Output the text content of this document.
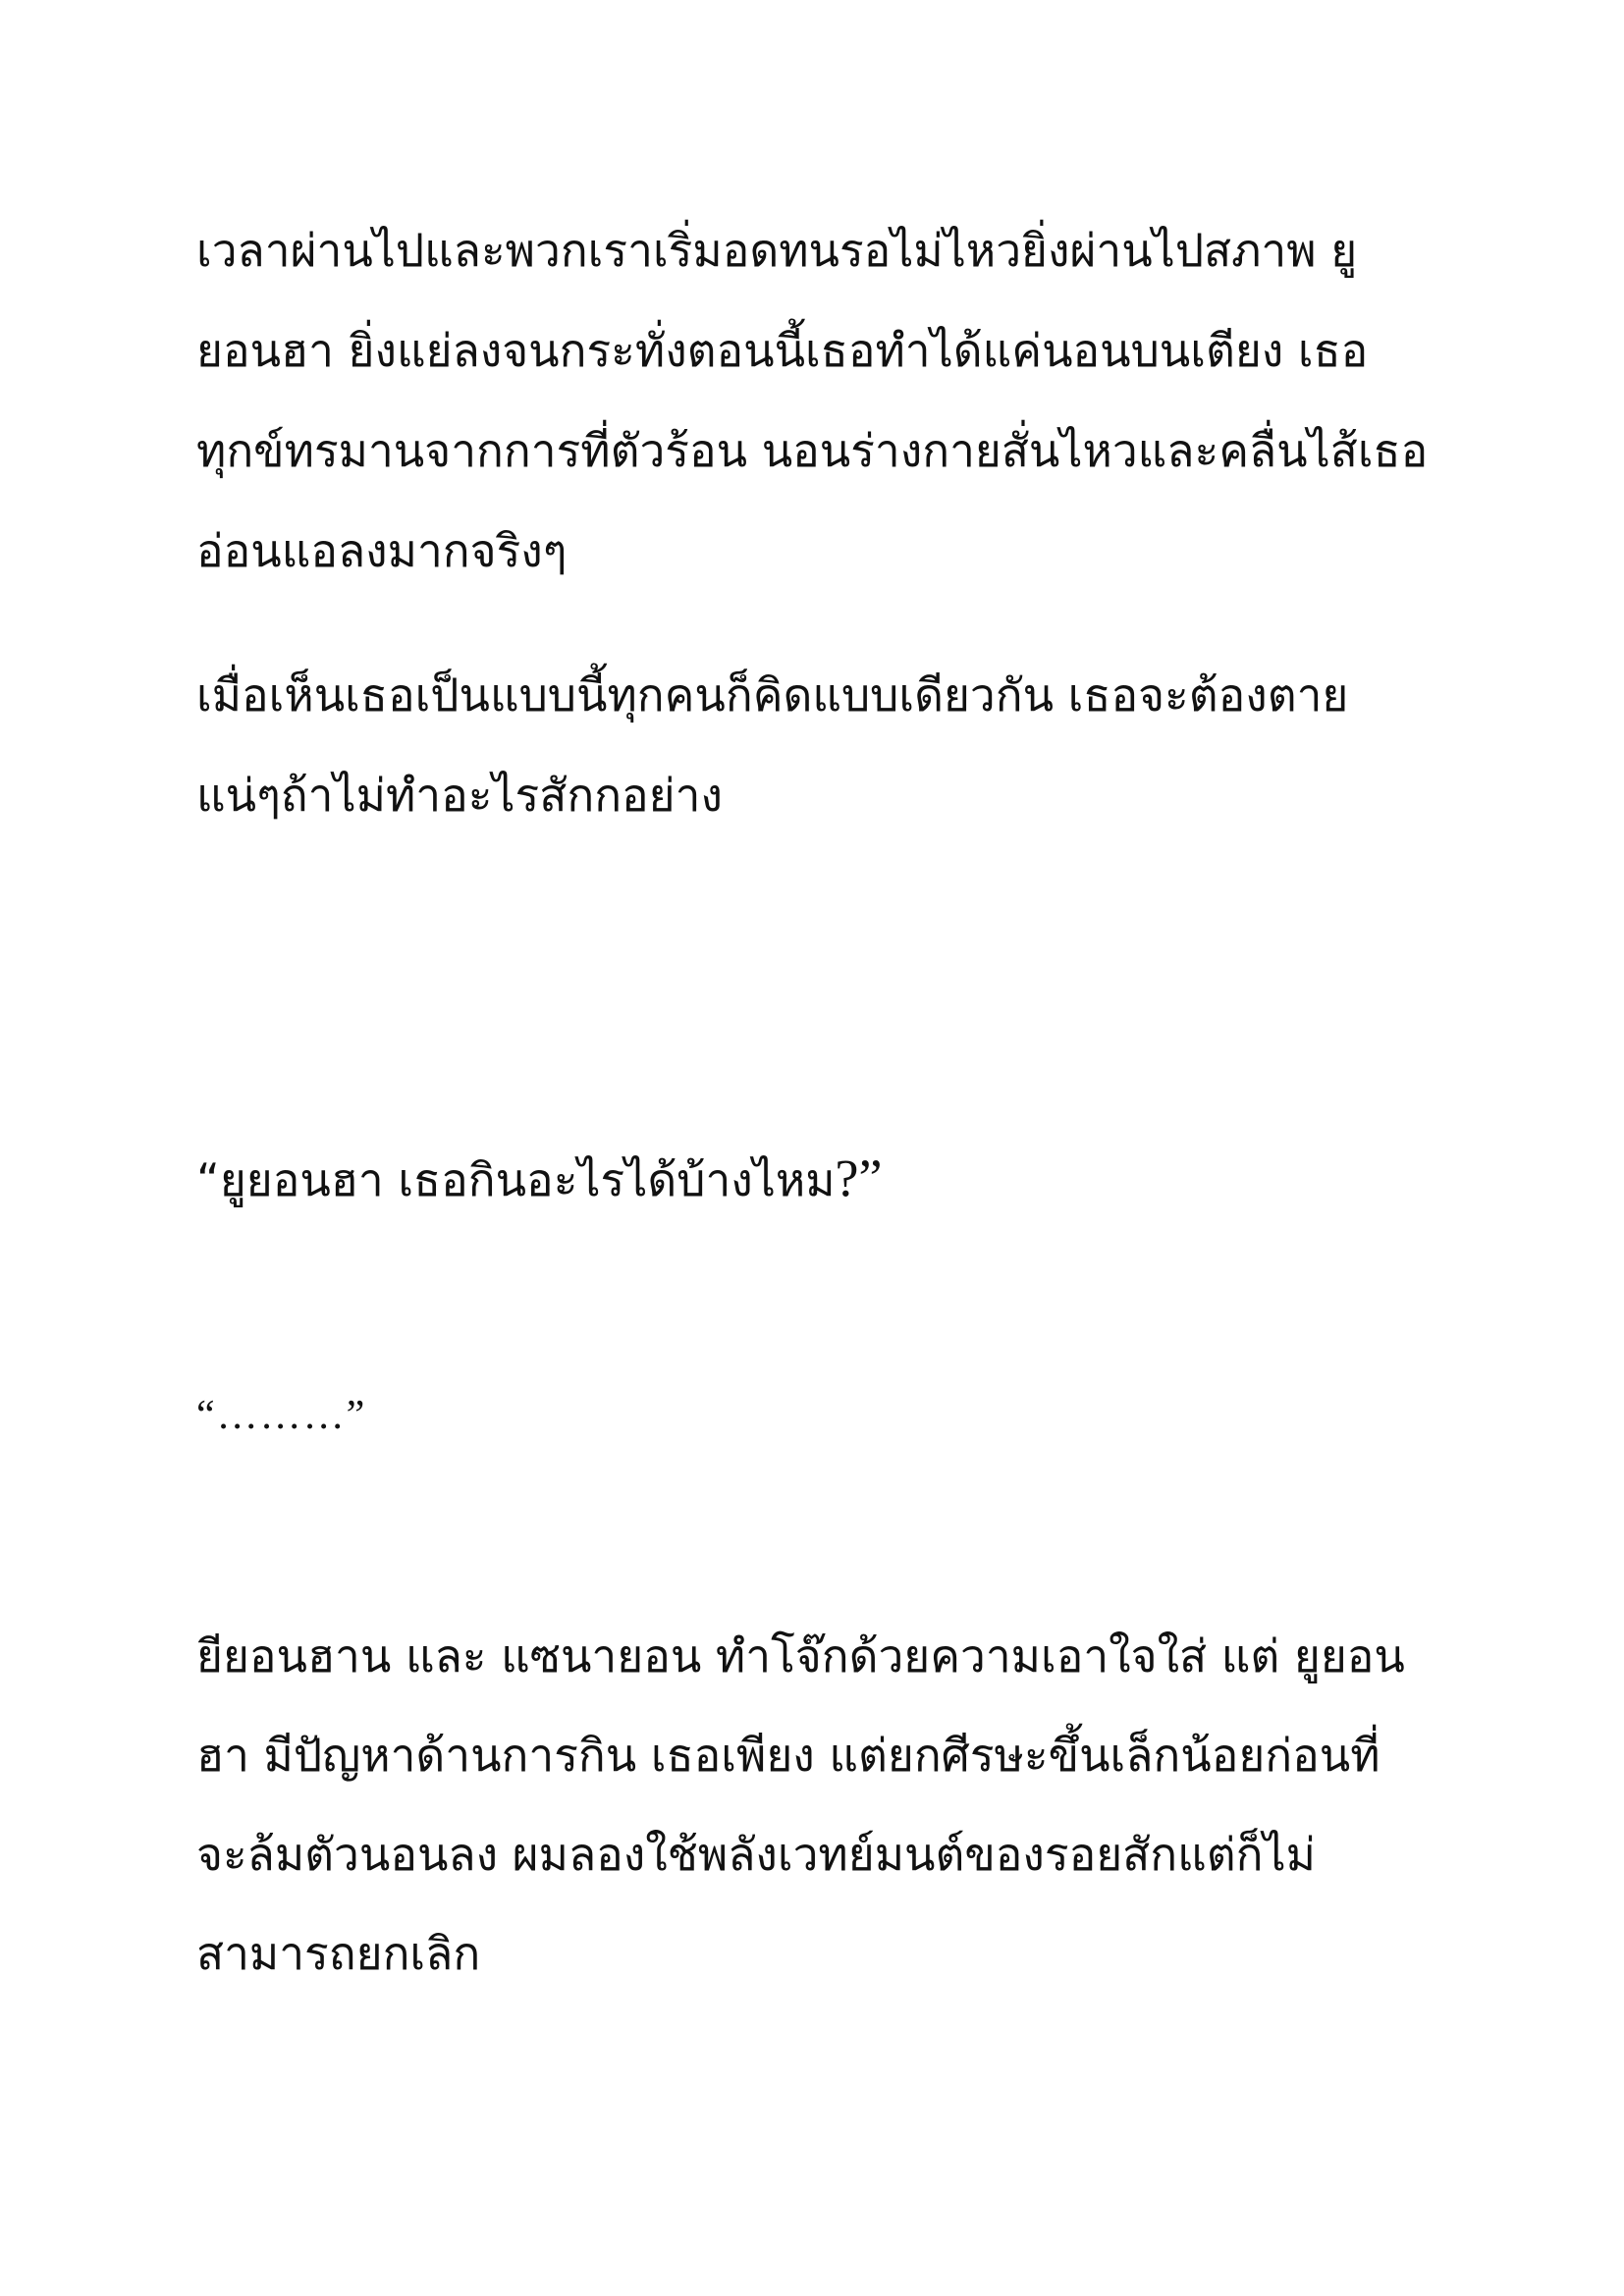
เวลาผ่านไปและพวกเราเริ่มอดทนรอไม่ไหวยิ่งผ่านไปสภาพ ยู
ยอนฮา ยิ่งแย่ลงจนกระทั่งตอนนี้เธอทำได้แค่นอนบนเตียง เธอ
ทุกข์ทรมานจากการที่ตัวร้อน นอนร่างกายสั่นไหวและคลื่นไส้เธอ
อ่อนแอลงมากจริงๆ
เมื่อเห็นเธอเป็นแบบนี้ทุกคนก็คิดแบบเดียวกัน เธอจะต้องตาย
แน่ๆถ้าไม่ทำอะไรสักกอย่าง
“ยูยอนฮา เธอกินอะไรได้บ้างไหม?”
“………”
ยียอนฮาน และ แซนายอน ทำโจ๊กด้วยความเอาใจใส่ แต่ ยูยอน
ฮา มีปัญหาด้านการกิน เธอเพียง แต่ยกศีรษะขึ้นเล็กน้อยก่อนที่
จะล้มตัวนอนลง ผมลองใช้พลังเวทย์มนต์ของรอยสักแต่ก็ไม่
สามารถยกเลิก
